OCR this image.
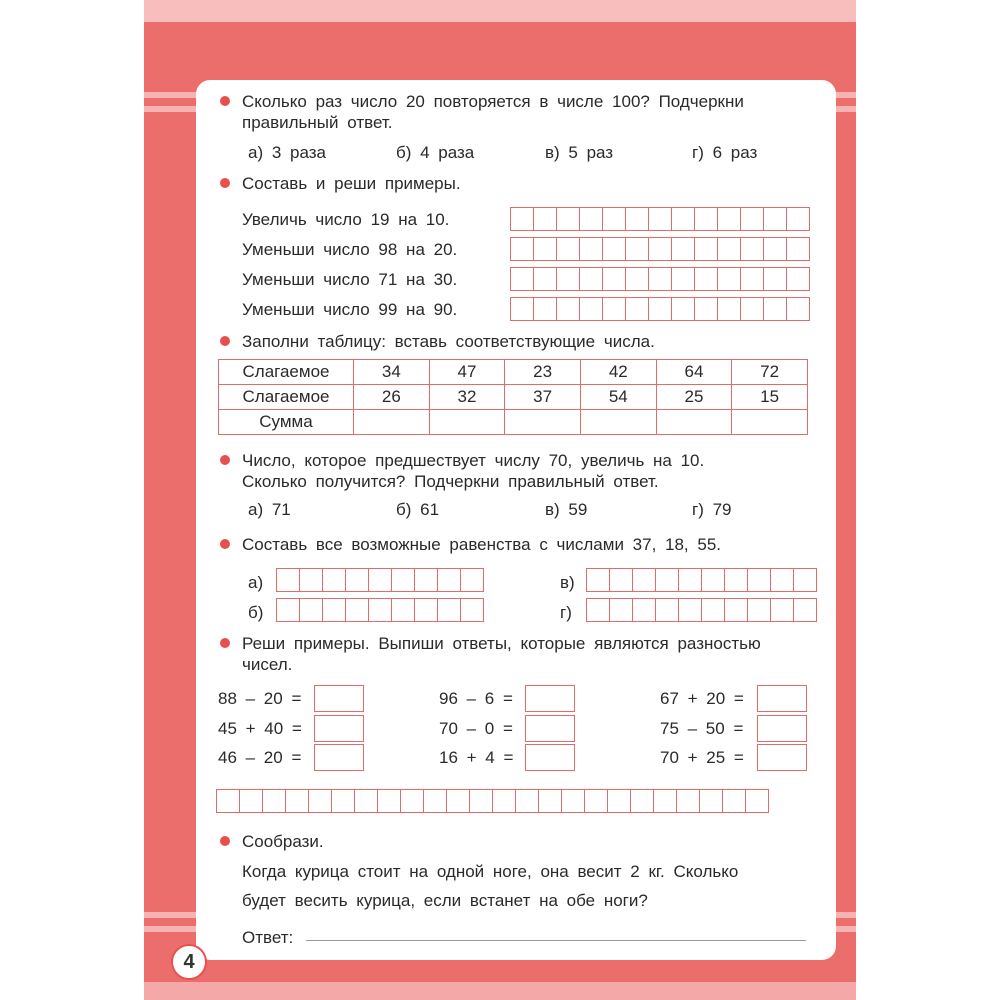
Сколько раз число 20 повторяется в числе 100? Подчеркни
правильный ответ.
а) 3 раза	б) 4 раза	в) 5 раз	г) 6 раз
Составь и реши примеры.
Увеличь число 19 на 10.
Уменьши число 98 на 20.
Уменьши число 71 на 30.
Уменьши число 99 на 90.
Заполни таблицу: вставь соответствующие числа.
Слагаемое	34	47	23	42	64	72
Слагаемое	26	32	37	54	25	15
Сумма						
Число, которое предшествует числу 70, увеличь на 10.
Сколько получится? Подчеркни правильный ответ.
а) 71	б) 61	в) 59	г) 79
Составь все возможные равенства с числами 37, 18, 55.
а)
б)
в)
г)
Реши примеры. Выпиши ответы, которые являются разностью
чисел.
88 – 20 =
45 + 40 =
46 – 20 =
96 – 6 =
70 – 0 =
16 + 4 =
67 + 20 =
75 – 50 =
70 + 25 =
Сообрази.
Когда курица стоит на одной ноге, она весит 2 кг. Сколько
будет весить курица, если встанет на обе ноги?
Ответ:
4
